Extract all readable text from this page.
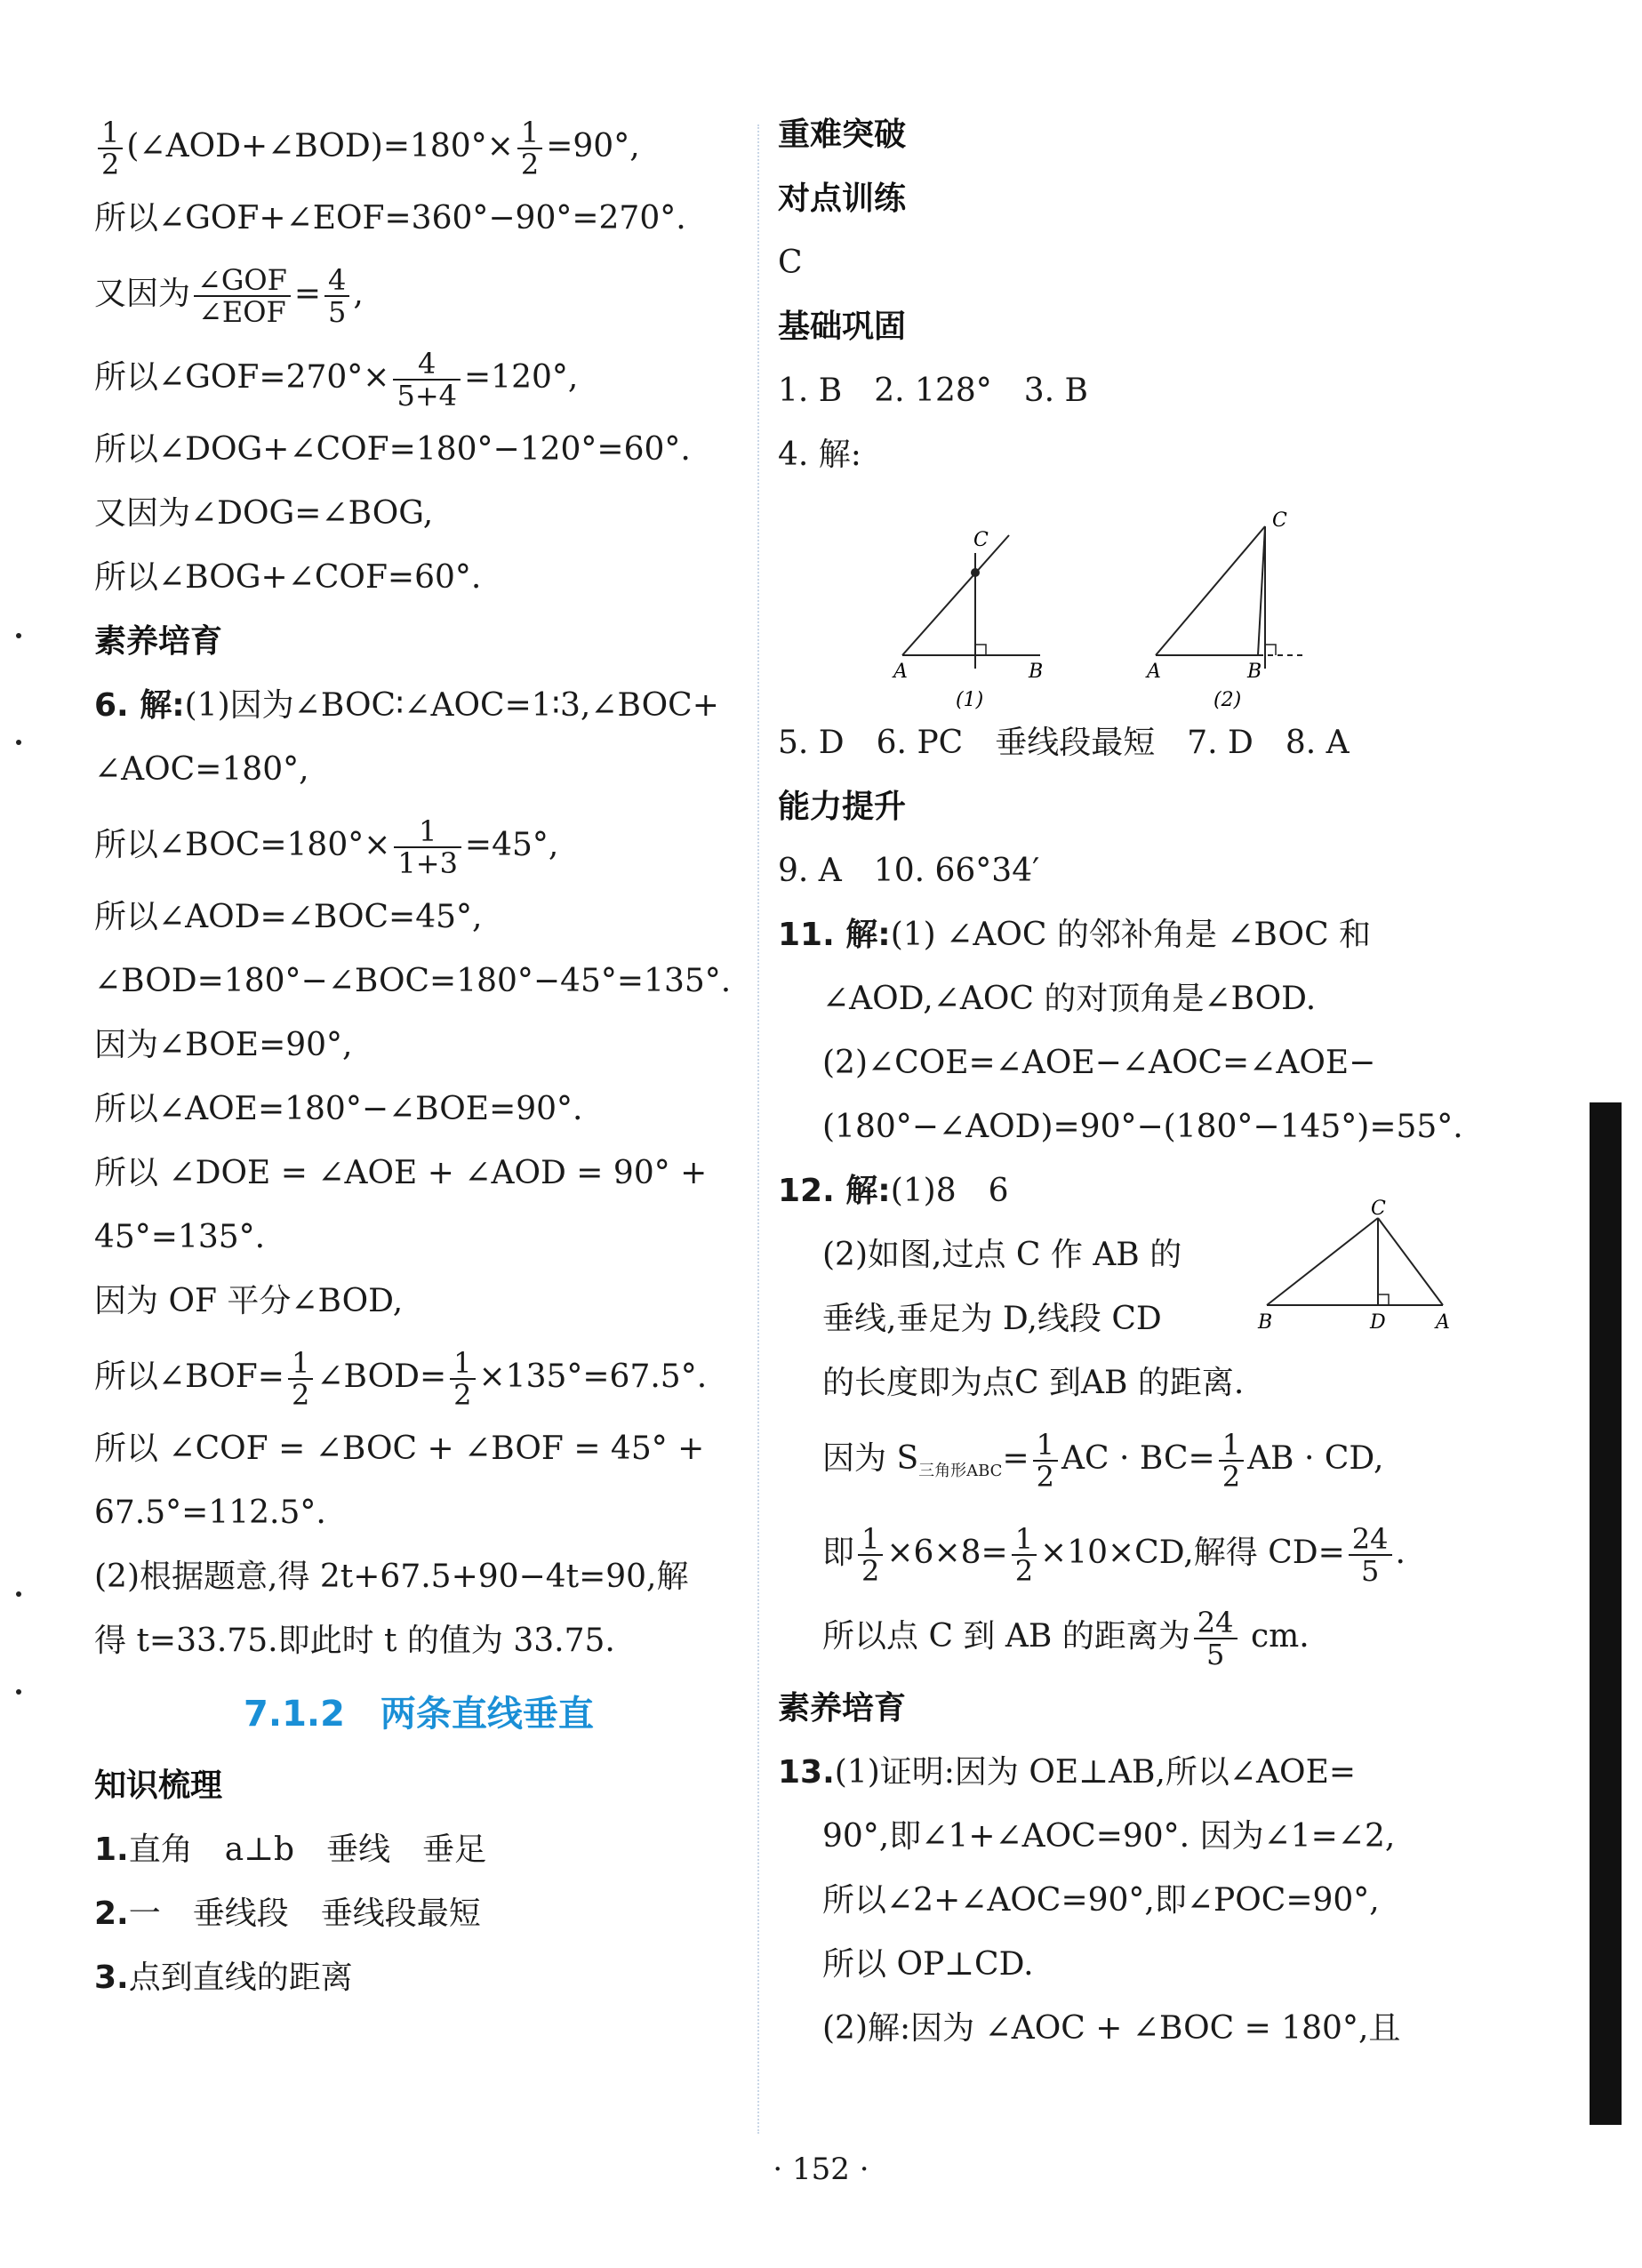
$\frac{1}{2}$ (∠AOD+∠BOD)=180°× $\frac{1}{2} =90^\circ$,
所以∠GOF+∠EOF=360°−90°=270°.
又因为 $\frac{\text{∠GOF}}{\text{∠EOF}} = \frac{4}{5}$ ,
所以∠GOF=270°× $\frac{4}{5+4} =120^\circ$,
所以∠DOG+∠COF=180°−120°=60°.
又因为∠DOG=∠BOG,
所以∠BOG+∠COF=60°.
素养培育
6. 解:(1)因为∠BOC∶∠AOC=1∶3,∠BOC+
∠AOC=180°,
所以∠BOC=180°× $\frac{1}{1+3} =45^\circ$,
所以∠AOD=∠BOC=45°,
∠BOD=180°−∠BOC=180°−45°=135°.
因为∠BOE=90°,
所以∠AOE=180°−∠BOE=90°.
所以 ∠DOE = ∠AOE + ∠AOD = 90° +
45°=135°.
因为 OF 平分∠BOD,
所以∠BOF= $\frac{1}{2}$ ∠BOD= $\frac{1}{2} \times 135^\circ=67.5^\circ$.
所以 ∠COF = ∠BOC + ∠BOF = 45° +
67.5°=112.5°.
(2)根据题意,得 2t+67.5+90−4t=90,解
得 t=33.75.即此时 t 的值为 33.75.
7.1.2　两条直线垂直
知识梳理
1.直角　a⊥b　垂线　垂足
2.一　垂线段　垂线段最短
3.点到直线的距离
重难突破
对点训练
C
基础巩固
1. B　2. 128°　3. B
4. 解:
A	B
C
(1)
A	B
C
(2)
5. D　6. PC　垂线段最短　7. D　8. A
能力提升
9. A　10. 66°34′
11. 解:(1) ∠AOC 的邻补角是 ∠BOC 和
∠AOD,∠AOC 的对顶角是∠BOD.
(2)∠COE=∠AOE−∠AOC=∠AOE−
(180°−∠AOD)=90°−(180°−145°)=55°.
12. 解:(1)8　6
B	D	A
C
(2)如图,过点 C 作 AB 的
垂线,垂足为 D,线段 CD
的长度即为点C 到AB 的距离.
因为 $S_{三角形ABC}= \frac{1}{2}$ AC · $BC= \frac{1}{2}$ AB · CD,
即 $\frac{1}{2} \times 6\times 8= \frac{1}{2} \times 10\times CD$,解得 $CD= \frac{24}{5}$ .
所以点 C 到 AB 的距离为 $\frac{24}{5}$ cm.
素养培育
13.(1)证明:因为 OE⊥AB,所以∠AOE=
90°,即∠1+∠AOC=90°. 因为∠1=∠2,
所以∠2+∠AOC=90°,即∠POC=90°,
所以 OP⊥CD.
(2)解:因为 ∠AOC + ∠BOC = 180°,且
· 152 ·
